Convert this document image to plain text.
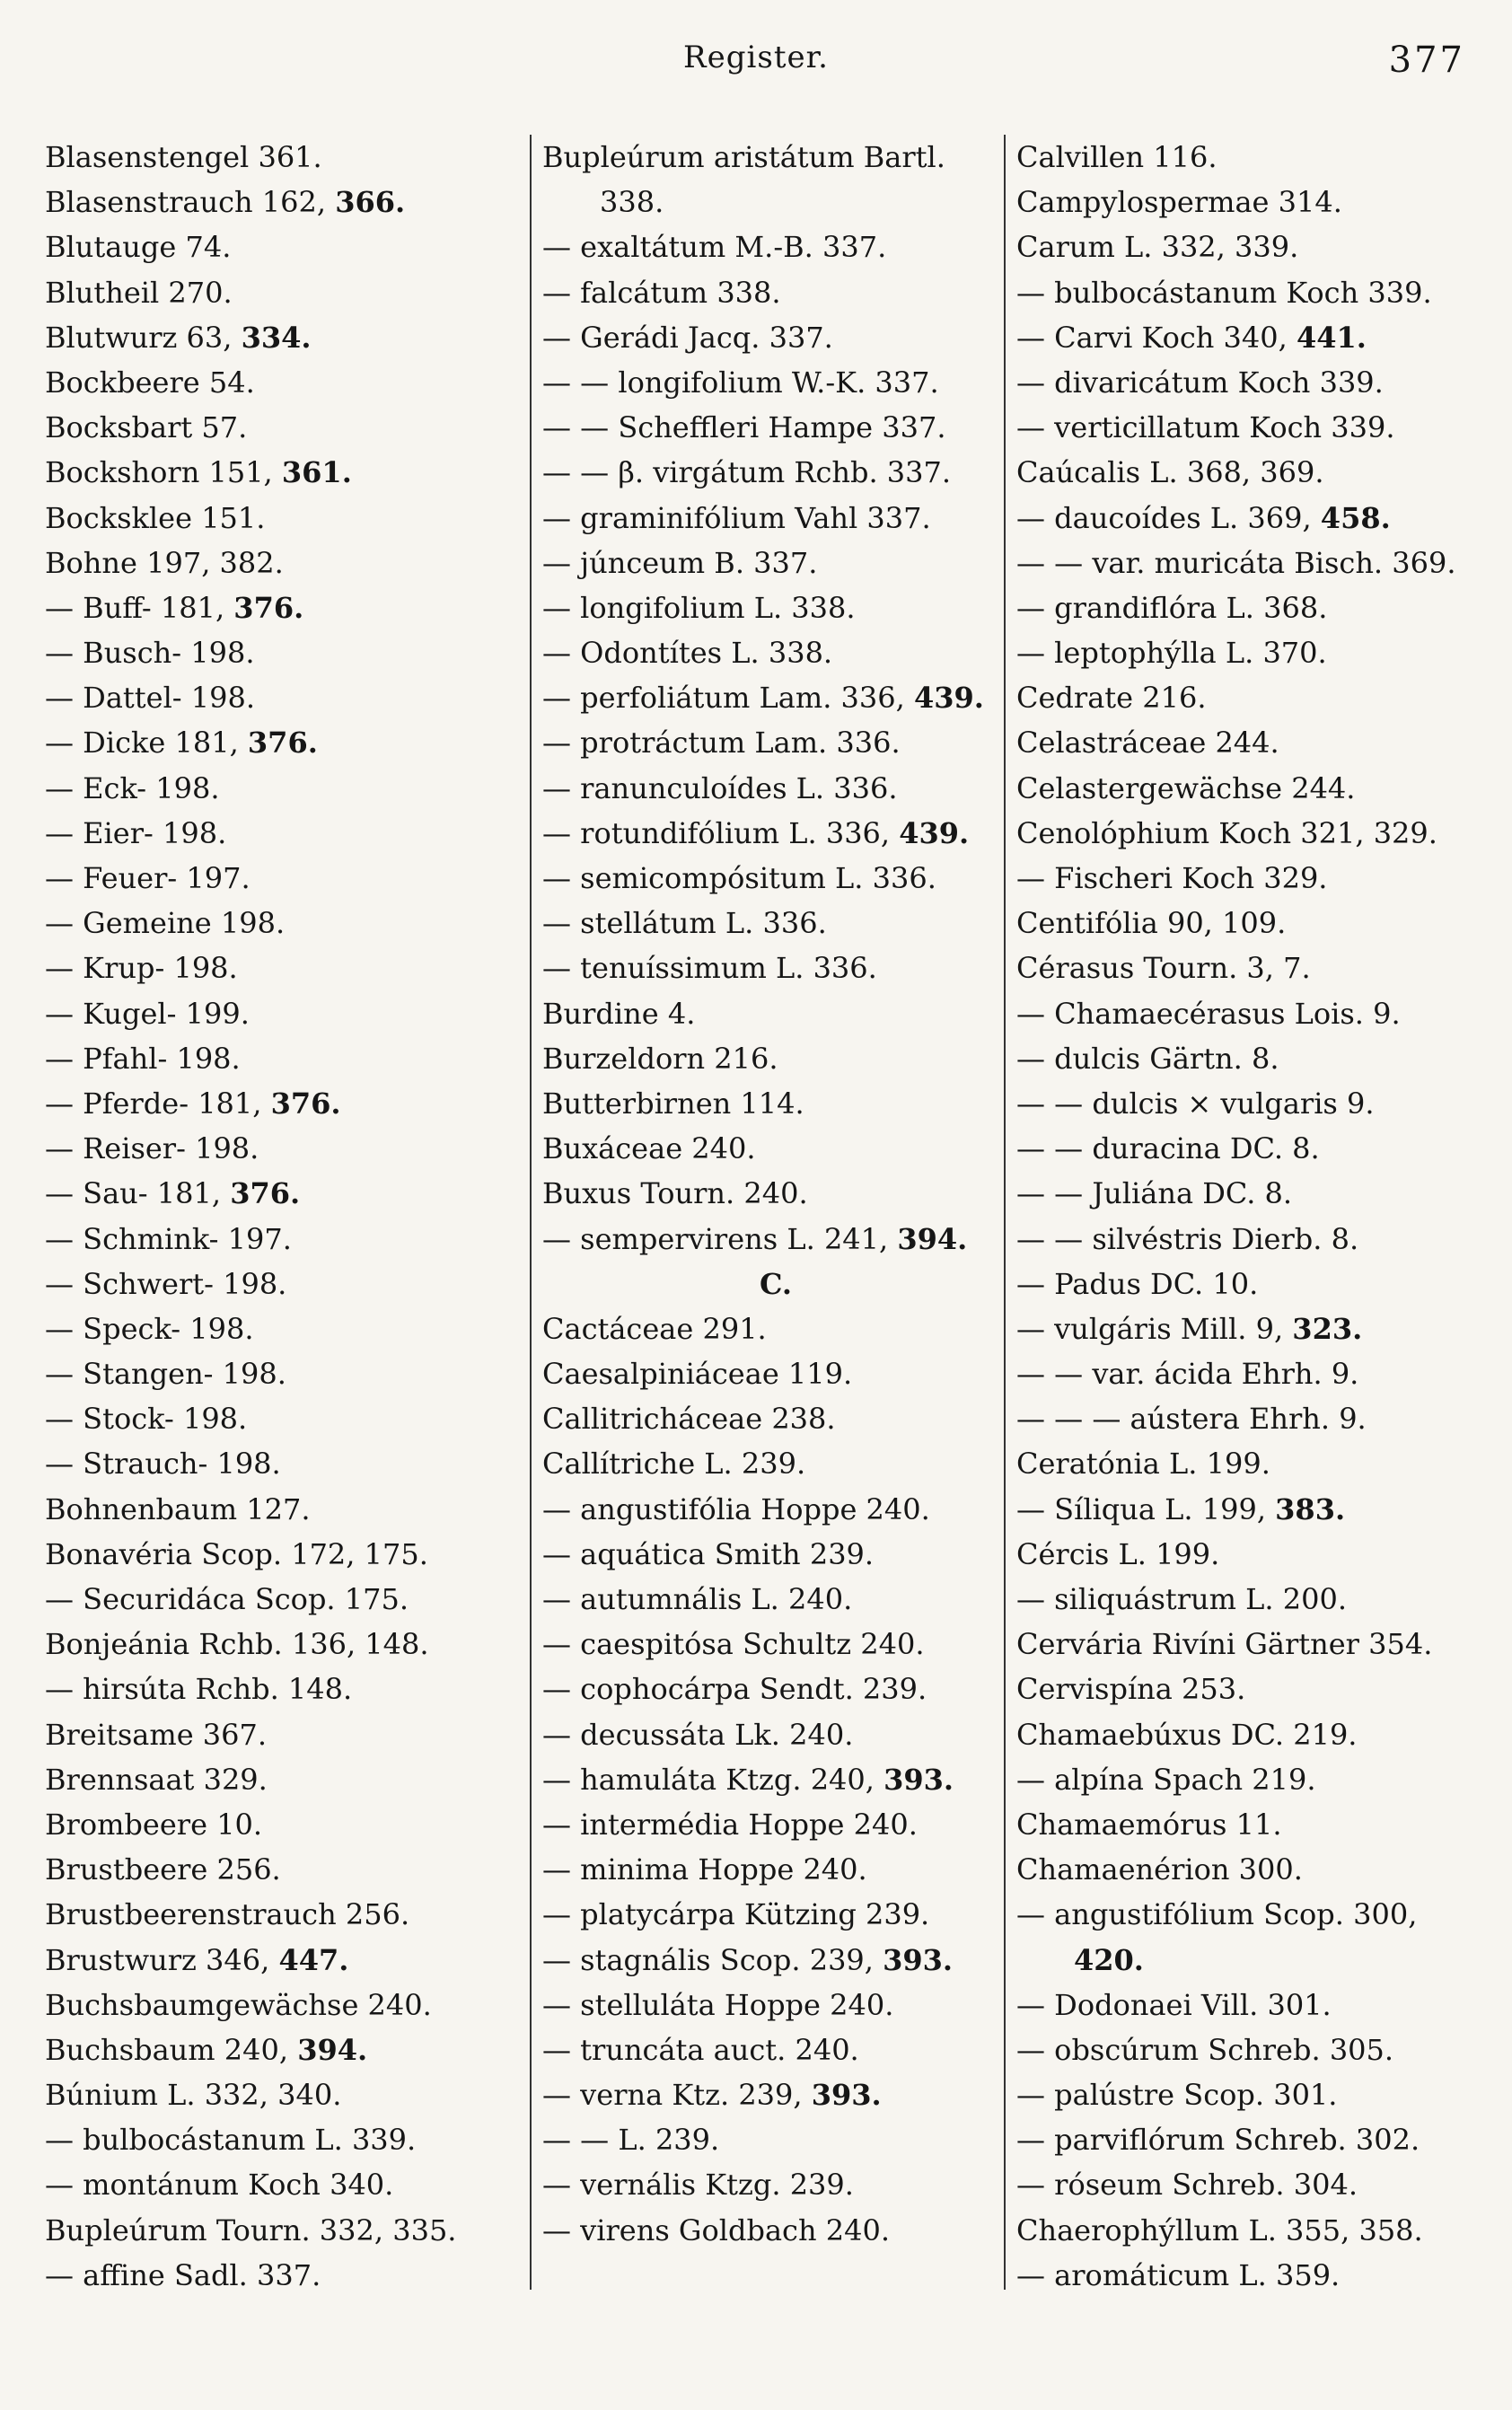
Register.	377
Blasenstengel 361.
Blasenstrauch 162, 366.
Blutauge 74.
Blutheil 270.
Blutwurz 63, 334.
Bockbeere 54.
Bocksbart 57.
Bockshorn 151, 361.
Bocksklee 151.
Bohne 197, 382.
— Buff- 181, 376.
— Busch- 198.
— Dattel- 198.
— Dicke 181, 376.
— Eck- 198.
— Eier- 198.
— Feuer- 197.
— Gemeine 198.
— Krup- 198.
— Kugel- 199.
— Pfahl- 198.
— Pferde- 181, 376.
— Reiser- 198.
— Sau- 181, 376.
— Schmink- 197.
— Schwert- 198.
— Speck- 198.
— Stangen- 198.
— Stock- 198.
— Strauch- 198.
Bohnenbaum 127.
Bonavéria Scop. 172, 175.
— Securidáca Scop. 175.
Bonjeánia Rchb. 136, 148.
— hirsúta Rchb. 148.
Breitsame 367.
Brennsaat 329.
Brombeere 10.
Brustbeere 256.
Brustbeerenstrauch 256.
Brustwurz 346, 447.
Buchsbaumgewächse 240.
Buchsbaum 240, 394.
Búnium L. 332, 340.
— bulbocástanum L. 339.
— montánum Koch 340.
Bupleúrum Tourn. 332, 335.
— affine Sadl. 337.
Bupleúrum aristátum Bartl.
338.
— exaltátum M.-B. 337.
— falcátum 338.
— Gerádi Jacq. 337.
— — longifolium W.-K. 337.
— — Scheffleri Hampe 337.
— — β. virgátum Rchb. 337.
— graminifólium Vahl 337.
— júnceum B. 337.
— longifolium L. 338.
— Odontítes L. 338.
— perfoliátum Lam. 336, 439.
— protráctum Lam. 336.
— ranunculoídes L. 336.
— rotundifólium L. 336, 439.
— semicompósitum L. 336.
— stellátum L. 336.
— tenuíssimum L. 336.
Burdine 4.
Burzeldorn 216.
Butterbirnen 114.
Buxáceae 240.
Buxus Tourn. 240.
— sempervirens L. 241, 394.
C.
Cactáceae 291.
Caesalpiniáceae 119.
Callitricháceae 238.
Callítriche L. 239.
— angustifólia Hoppe 240.
— aquática Smith 239.
— autumnális L. 240.
— caespitósa Schultz 240.
— cophocárpa Sendt. 239.
— decussáta Lk. 240.
— hamuláta Ktzg. 240, 393.
— intermédia Hoppe 240.
— minima Hoppe 240.
— platycárpa Kützing 239.
— stagnális Scop. 239, 393.
— stelluláta Hoppe 240.
— truncáta auct. 240.
— verna Ktz. 239, 393.
— — L. 239.
— vernális Ktzg. 239.
— virens Goldbach 240.
Calvillen 116.
Campylospermae 314.
Carum L. 332, 339.
— bulbocástanum Koch 339.
— Carvi Koch 340, 441.
— divaricátum Koch 339.
— verticillatum Koch 339.
Caúcalis L. 368, 369.
— daucoídes L. 369, 458.
— — var. muricáta Bisch. 369.
— grandiflóra L. 368.
— leptophýlla L. 370.
Cedrate 216.
Celastráceae 244.
Celastergewächse 244.
Cenolóphium Koch 321, 329.
— Fischeri Koch 329.
Centifólia 90, 109.
Cérasus Tourn. 3, 7.
— Chamaecérasus Lois. 9.
— dulcis Gärtn. 8.
— — dulcis × vulgaris 9.
— — duracina DC. 8.
— — Juliána DC. 8.
— — silvéstris Dierb. 8.
— Padus DC. 10.
— vulgáris Mill. 9, 323.
— — var. ácida Ehrh. 9.
— — — aústera Ehrh. 9.
Ceratónia L. 199.
— Síliqua L. 199, 383.
Cércis L. 199.
— siliquástrum L. 200.
Cervária Rivíni Gärtner 354.
Cervispína 253.
Chamaebúxus DC. 219.
— alpína Spach 219.
Chamaemórus 11.
Chamaenérion 300.
— angustifólium Scop. 300,
420.
— Dodonaei Vill. 301.
— obscúrum Schreb. 305.
— palústre Scop. 301.
— parviflórum Schreb. 302.
— róseum Schreb. 304.
Chaerophýllum L. 355, 358.
— aromáticum L. 359.
